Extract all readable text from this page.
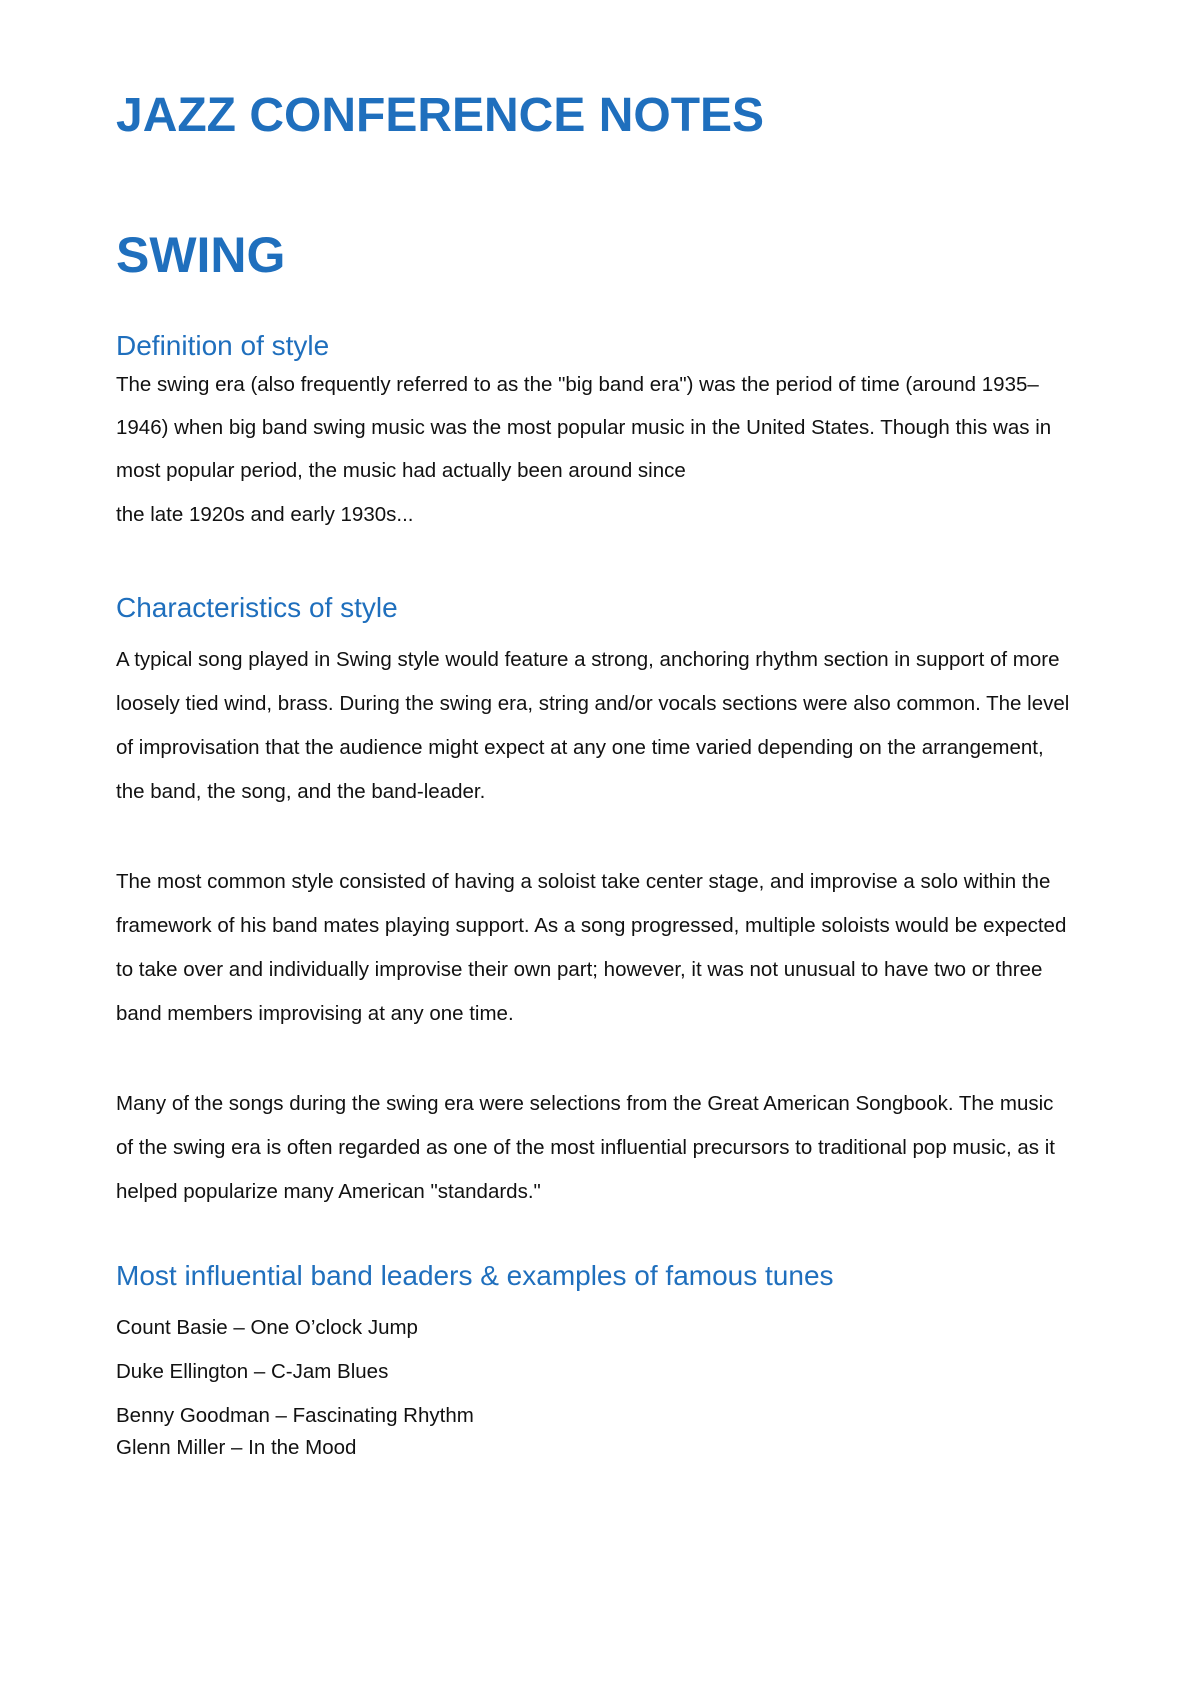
JAZZ CONFERENCE NOTES
SWING
Definition of style

The swing era (also frequently referred to as the "big band era") was the period of time (around 1935–

1946) when big band swing music was the most popular music in the United States. Though this was in

most popular period, the music had actually been around since

the late 1920s and early 1930s...

Characteristics of style

A typical song played in Swing style would feature a strong, anchoring rhythm section in support of more

loosely tied wind, brass. During the swing era, string and/or vocals sections were also common. The level

of improvisation that the audience might expect at any one time varied depending on the arrangement,

the band, the song, and the band-leader.

The most common style consisted of having a soloist take center stage, and improvise a solo within the

framework of his band mates playing support. As a song progressed, multiple soloists would be expected

to take over and individually improvise their own part; however, it was not unusual to have two or three

band members improvising at any one time.

Many of the songs during the swing era were selections from the Great American Songbook. The music

of the swing era is often regarded as one of the most influential precursors to traditional pop music, as it

helped popularize many American "standards."

Most influential band leaders & examples of famous tunes

Count Basie – One O’clock Jump

Duke Ellington – C-Jam Blues

Benny Goodman – Fascinating Rhythm

Glenn Miller – In the Mood
